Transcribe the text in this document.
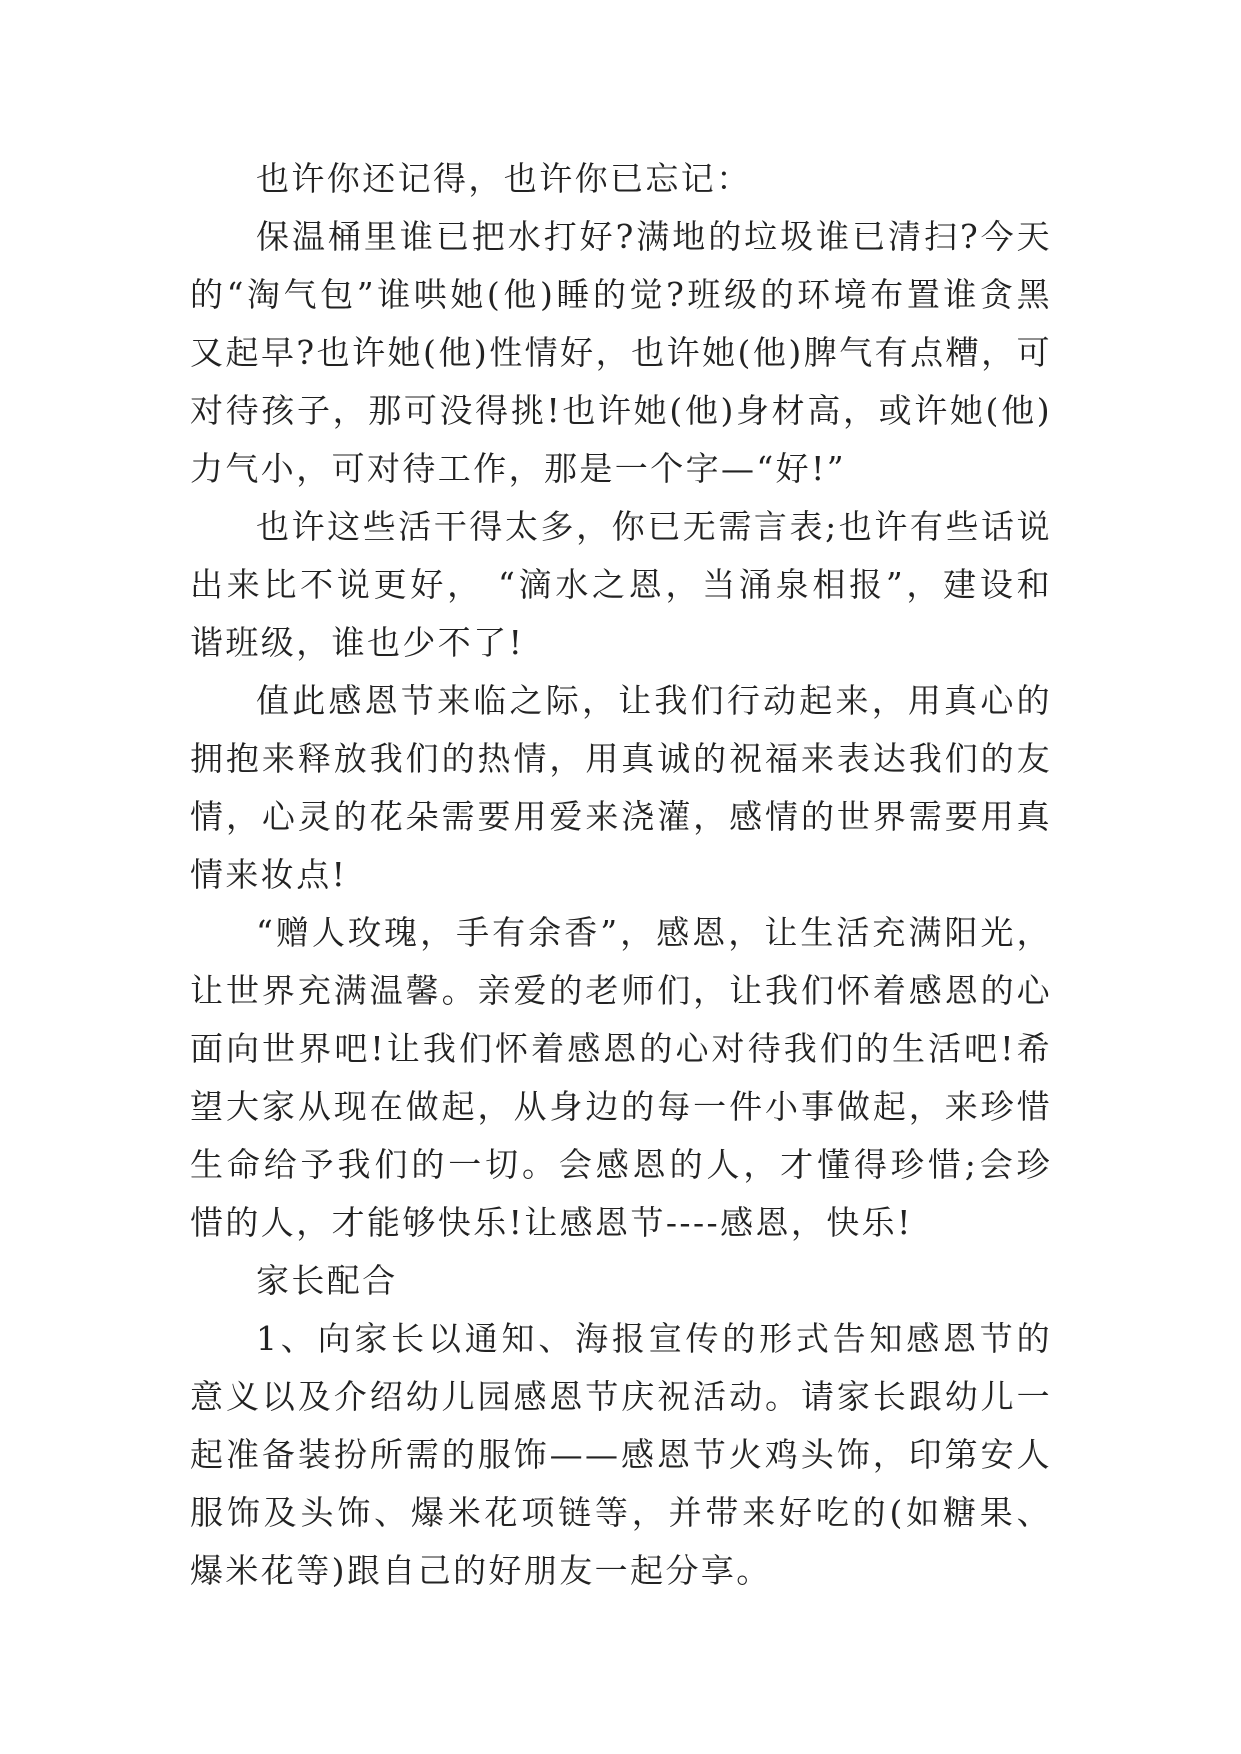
也许你还记得，也许你已忘记：

保温桶里谁已把水打好?满地的垃圾谁已清扫?今天的“淘气包”谁哄她(他)睡的觉?班级的环境布置谁贪黑又起早?也许她(他)性情好，也许她(他)脾气有点糟，可对待孩子，那可没得挑!也许她(他)身材高，或许她(他)力气小，可对待工作，那是一个字—“好!”

也许这些活干得太多，你已无需言表;也许有些话说出来比不说更好， “滴水之恩，当涌泉相报”，建设和谐班级，谁也少不了!

值此感恩节来临之际，让我们行动起来，用真心的拥抱来释放我们的热情，用真诚的祝福来表达我们的友情，心灵的花朵需要用爱来浇灌，感情的世界需要用真情来妆点!

“赠人玫瑰，手有余香”，感恩，让生活充满阳光，让世界充满温馨。亲爱的老师们，让我们怀着感恩的心面向世界吧!让我们怀着感恩的心对待我们的生活吧!希望大家从现在做起，从身边的每一件小事做起，来珍惜生命给予我们的一切。会感恩的人，才懂得珍惜;会珍惜的人，才能够快乐!让感恩节----感恩，快乐!

家长配合

1、向家长以通知、海报宣传的形式告知感恩节的意义以及介绍幼儿园感恩节庆祝活动。请家长跟幼儿一起准备装扮所需的服饰——感恩节火鸡头饰，印第安人服饰及头饰、爆米花项链等，并带来好吃的(如糖果、爆米花等)跟自己的好朋友一起分享。
